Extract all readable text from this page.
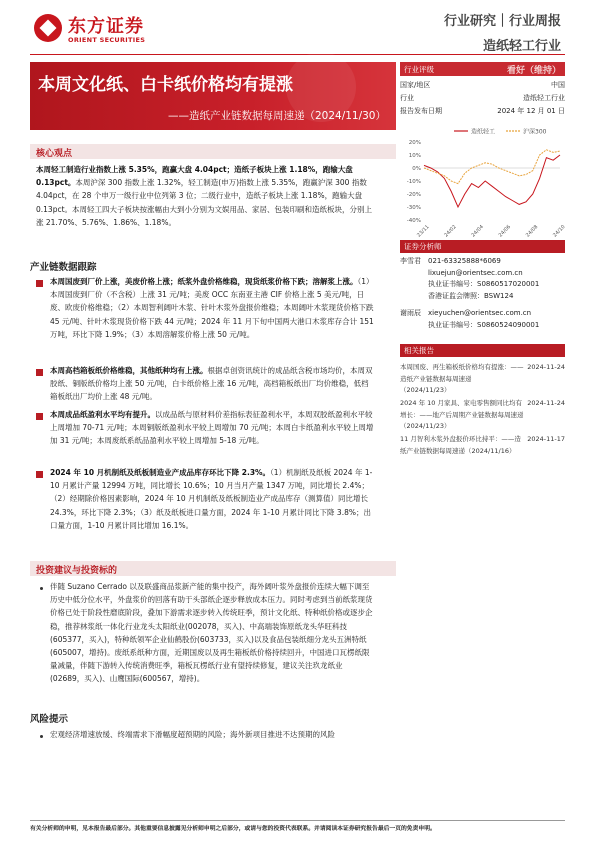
东方证券
ORIENT SECURITIES
行业研究｜行业周报
造纸轻工行业
本周文化纸、白卡纸价格均有提涨
——造纸产业链数据每周速递（2024/11/30）
行业评级	看好（维持）
国家/地区	中国
行业	造纸轻工行业
报告发布日期	2024 年 12 月 01 日
造纸轻工	沪深300
20%
10%
0%
-10%
-20%
-30%
-40%
23/11	24/02	24/04	24/06	24/08	24/10
证券分析师
李雪君 021-63325888*6069
lixuejun@orientsec.com.cn
执业证书编号：S0860517020001
香港证监会牌照：BSW124
谢雨辰 xieyuchen@orientsec.com.cn
执业证书编号：S0860524090001
相关报告
本周国废、再生箱板纸价格均有提涨：——
造纸产业链数据每周速递
（2024/11/23）
2024-11-24
2024 年 10 月家具、家电零售额同比均有
增长：——地产后周期产业链数据每周速递
（2024/11/23）
2024-11-24
11 月智利木浆外盘报价环比持平：——造
纸产业链数据每周速递（2024/11/16）
2024-11-17
核心观点
本周轻工制造行业指数上涨 5.35%，跑赢大盘 4.04pct；造纸子板块上涨 1.18%，跑输大盘 0.13pct。本周沪深 300 指数上涨 1.32%，轻工制造(申万)指数上涨 5.35%，跑赢沪深 300 指数 4.04pct，在 28 个申万一级行业中位列第 3 位；二级行业中，造纸子板块上涨 1.18%，跑输大盘 0.13pct。本周轻工四大子板块按涨幅由大到小分别为文娱用品、家居、包装印刷和造纸板块，分别上涨 21.70%、5.76%、1.86%、1.18%。
产业链数据跟踪
本周国废到厂价上涨，美废价格上涨；纸浆外盘价格维稳，现货纸浆价格下跌；溶解浆上涨。（1）本周国废到厂价（不含税）上涨 31 元/吨；美废 OCC 东南亚主港 CIF 价格上涨 5 美元/吨，日废、欧废价格维稳；（2）本周智利阔叶木浆、针叶木浆外盘报价维稳；本周阔叶木浆现货价格下跌 45 元/吨、针叶木浆现货价格下跌 44 元/吨；2024 年 11 月下旬中国两大港口木浆库存合计 151 万吨，环比下降 1.9%；（3）本周溶解浆价格上涨 50 元/吨。
本周高档箱板纸价格维稳，其他纸种均有上涨。根据卓创资讯统计的成品纸含税市场均价，本周双胶纸、铜版纸价格均上涨 50 元/吨，白卡纸价格上涨 16 元/吨，高档箱板纸出厂均价维稳，低档箱板纸出厂均价上涨 48 元/吨。
本周成品纸盈利水平均有提升。以成品纸与原材料价差指标表征盈利水平，本周双胶纸盈利水平较上周增加 70-71 元/吨；本周铜版纸盈利水平较上周增加 70 元/吨；本周白卡纸盈利水平较上周增加 31 元/吨；本周废纸系纸品盈利水平较上周增加 5-18 元/吨。
2024 年 10 月机制纸及纸板制造业产成品库存环比下降 2.3%。（1）机制纸及纸板 2024 年 1-10 月累计产量 12994 万吨，同比增长 10.6%；10 月当月产量 1347 万吨，同比增长 2.4%；（2）经期除价格因素影响，2024 年 10 月机制纸及纸板制造业产成品库存（测算值）同比增长 24.3%，环比下降 2.3%；（3）纸及纸板进口量方面，2024 年 1-10 月累计同比下降 3.8%；出口量方面，1-10 月累计同比增加 16.1%。
投资建议与投资标的
伴随 Suzano Cerrado 以及联盛商品浆新产能的集中投产，海外阔叶浆外盘报价连续大幅下调至历史中低分位水平，外盘浆价的回落有助于头部纸企逐步释放成本压力。同时考虑到当前纸浆现货价格已处于阶段性磨底阶段，叠加下游需求逐步转入传统旺季，预计文化纸、特种纸价格或逐步企稳，推荐林浆纸一体化行业龙头太阳纸业(002078，买入)、中高端装饰原纸龙头华旺科技(605377，买入)，特种纸领军企业仙鹤股份(603733，买入)以及食品包装纸细分龙头五洲特纸(605007，增持)。废纸系纸种方面，近期国废以及再生箱板纸价格持续回升，中国进口瓦楞纸限量减量，伴随下游转入传统消费旺季，箱板瓦楞纸行业有望持续修复，建议关注玖龙纸业(02689，买入)、山鹰国际(600567，增持)。
风险提示
宏观经济增速放缓、终端需求下滑幅度超预期的风险；海外新项目推进不达预期的风险
有关分析师的申明，见本报告最后部分。其他重要信息披露见分析师申明之后部分，或请与您的投资代表联系。并请阅读本证券研究报告最后一页的免责申明。
